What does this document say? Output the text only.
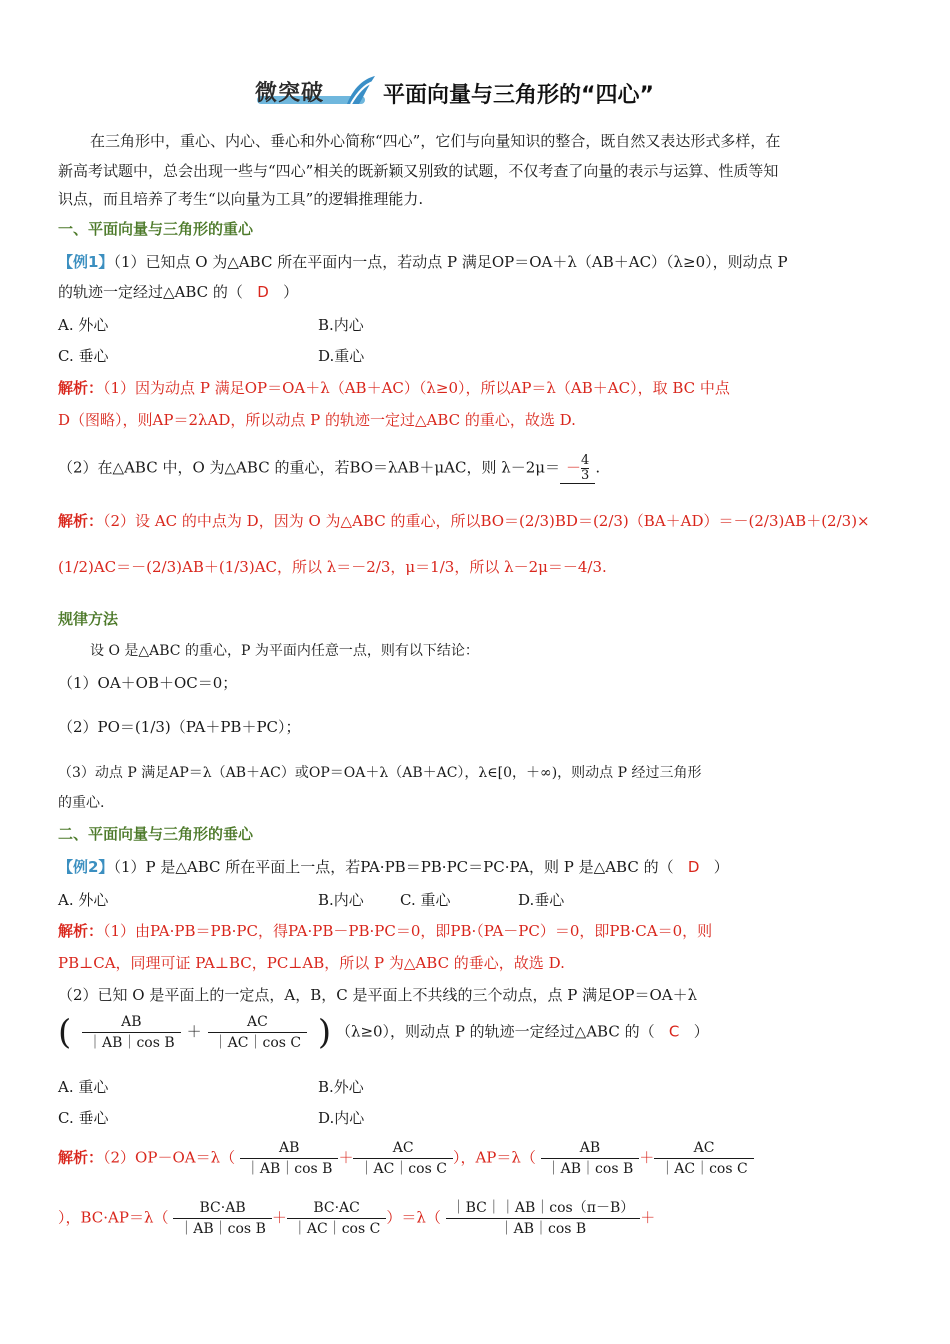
微突破	平面向量与三角形的“四心”
在三角形中，重心、内心、垂心和外心简称“四心”，它们与向量知识的整合，既自然又表达形式多样，在
新高考试题中，总会出现一些与“四心”相关的既新颖又别致的试题，不仅考查了向量的表示与运算、性质等知
识点，而且培养了考生“以向量为工具”的逻辑推理能力.
一、平面向量与三角形的重心
【例1】（1）已知点 O 为△ABC 所在平面内一点，若动点 P 满足OP＝OA＋λ（AB＋AC）（λ≥0），则动点 P
的轨迹一定经过△ABC 的（ D ）
A. 外心	B.内心
C. 垂心	D.重心
解析：（1）因为动点 P 满足OP＝OA＋λ（AB＋AC）（λ≥0），所以AP＝λ（AB＋AC），取 BC 中点
D（图略），则AP＝2λAD，所以动点 P 的轨迹一定过△ABC 的重心，故选 D.
（2）在△ABC 中，O 为△ABC 的重心，若BO＝λAB＋μAC，则 $\lambda-2\mu= - \frac{4}{3}$ .
解析：（2）设 AC 的中点为 D，因为 O 为△ABC 的重心，所以BO＝(2/3)BD＝(2/3)（BA＋AD）＝－(2/3)AB＋(2/3)×
(1/2)AC＝－(2/3)AB＋(1/3)AC，所以 λ＝－2/3，μ＝1/3，所以 λ－2μ＝－4/3.
规律方法
设 O 是△ABC 的重心，P 为平面内任意一点，则有以下结论：
（1）OA＋OB＋OC＝0；
（2）PO＝(1/3)（PA＋PB＋PC）；
（3）动点 P 满足AP＝λ（AB＋AC）或OP＝OA＋λ（AB＋AC），λ∈[0，＋∞)，则动点 P 经过三角形
的重心.
二、平面向量与三角形的垂心
【例2】（1）P 是△ABC 所在平面上一点，若PA·PB＝PB·PC＝PC·PA，则 P 是△ABC 的（ D ）
A. 外心	B.内心 C. 重心	D.垂心
解析：（1）由PA·PB＝PB·PC，得PA·PB－PB·PC＝0，即PB·（PA－PC）＝0，即PB·CA＝0，则
PB⊥CA，同理可证 PA⊥BC，PC⊥AB，所以 P 为△ABC 的垂心，故选 D.
（2）已知 O 是平面上的一定点，A，B，C 是平面上不共线的三个动点，点 P 满足OP＝OA＋λ
( $\frac{AB}{\text{｜AB｜cos B}} + \frac{AC}{\text{｜AC｜cos C}}$ ) （λ≥0），则动点 P 的轨迹一定经过△ABC 的（ C ）
A. 重心	B.外心
C. 垂心	D.内心
解析：$(2)OP-OA=\lambda( \frac{AB}{\text{｜AB｜cos B}} + \frac{AC}{\text{｜AC｜cos C}}$ ），$AP=\lambda( \frac{AB}{\text{｜AB｜cos B}} + \frac{AC}{\text{｜AC｜cos C}}$
），$BC\cdot AP=\lambda( \frac{BC\cdot AB}{\text{｜AB｜cos B}} + \frac{BC\cdot AC}{\text{｜AC｜cos C}} )=\lambda( \frac{|BC||AB|\cos(\pi-B)}{\text{｜AB｜cos B}}$ ＋
